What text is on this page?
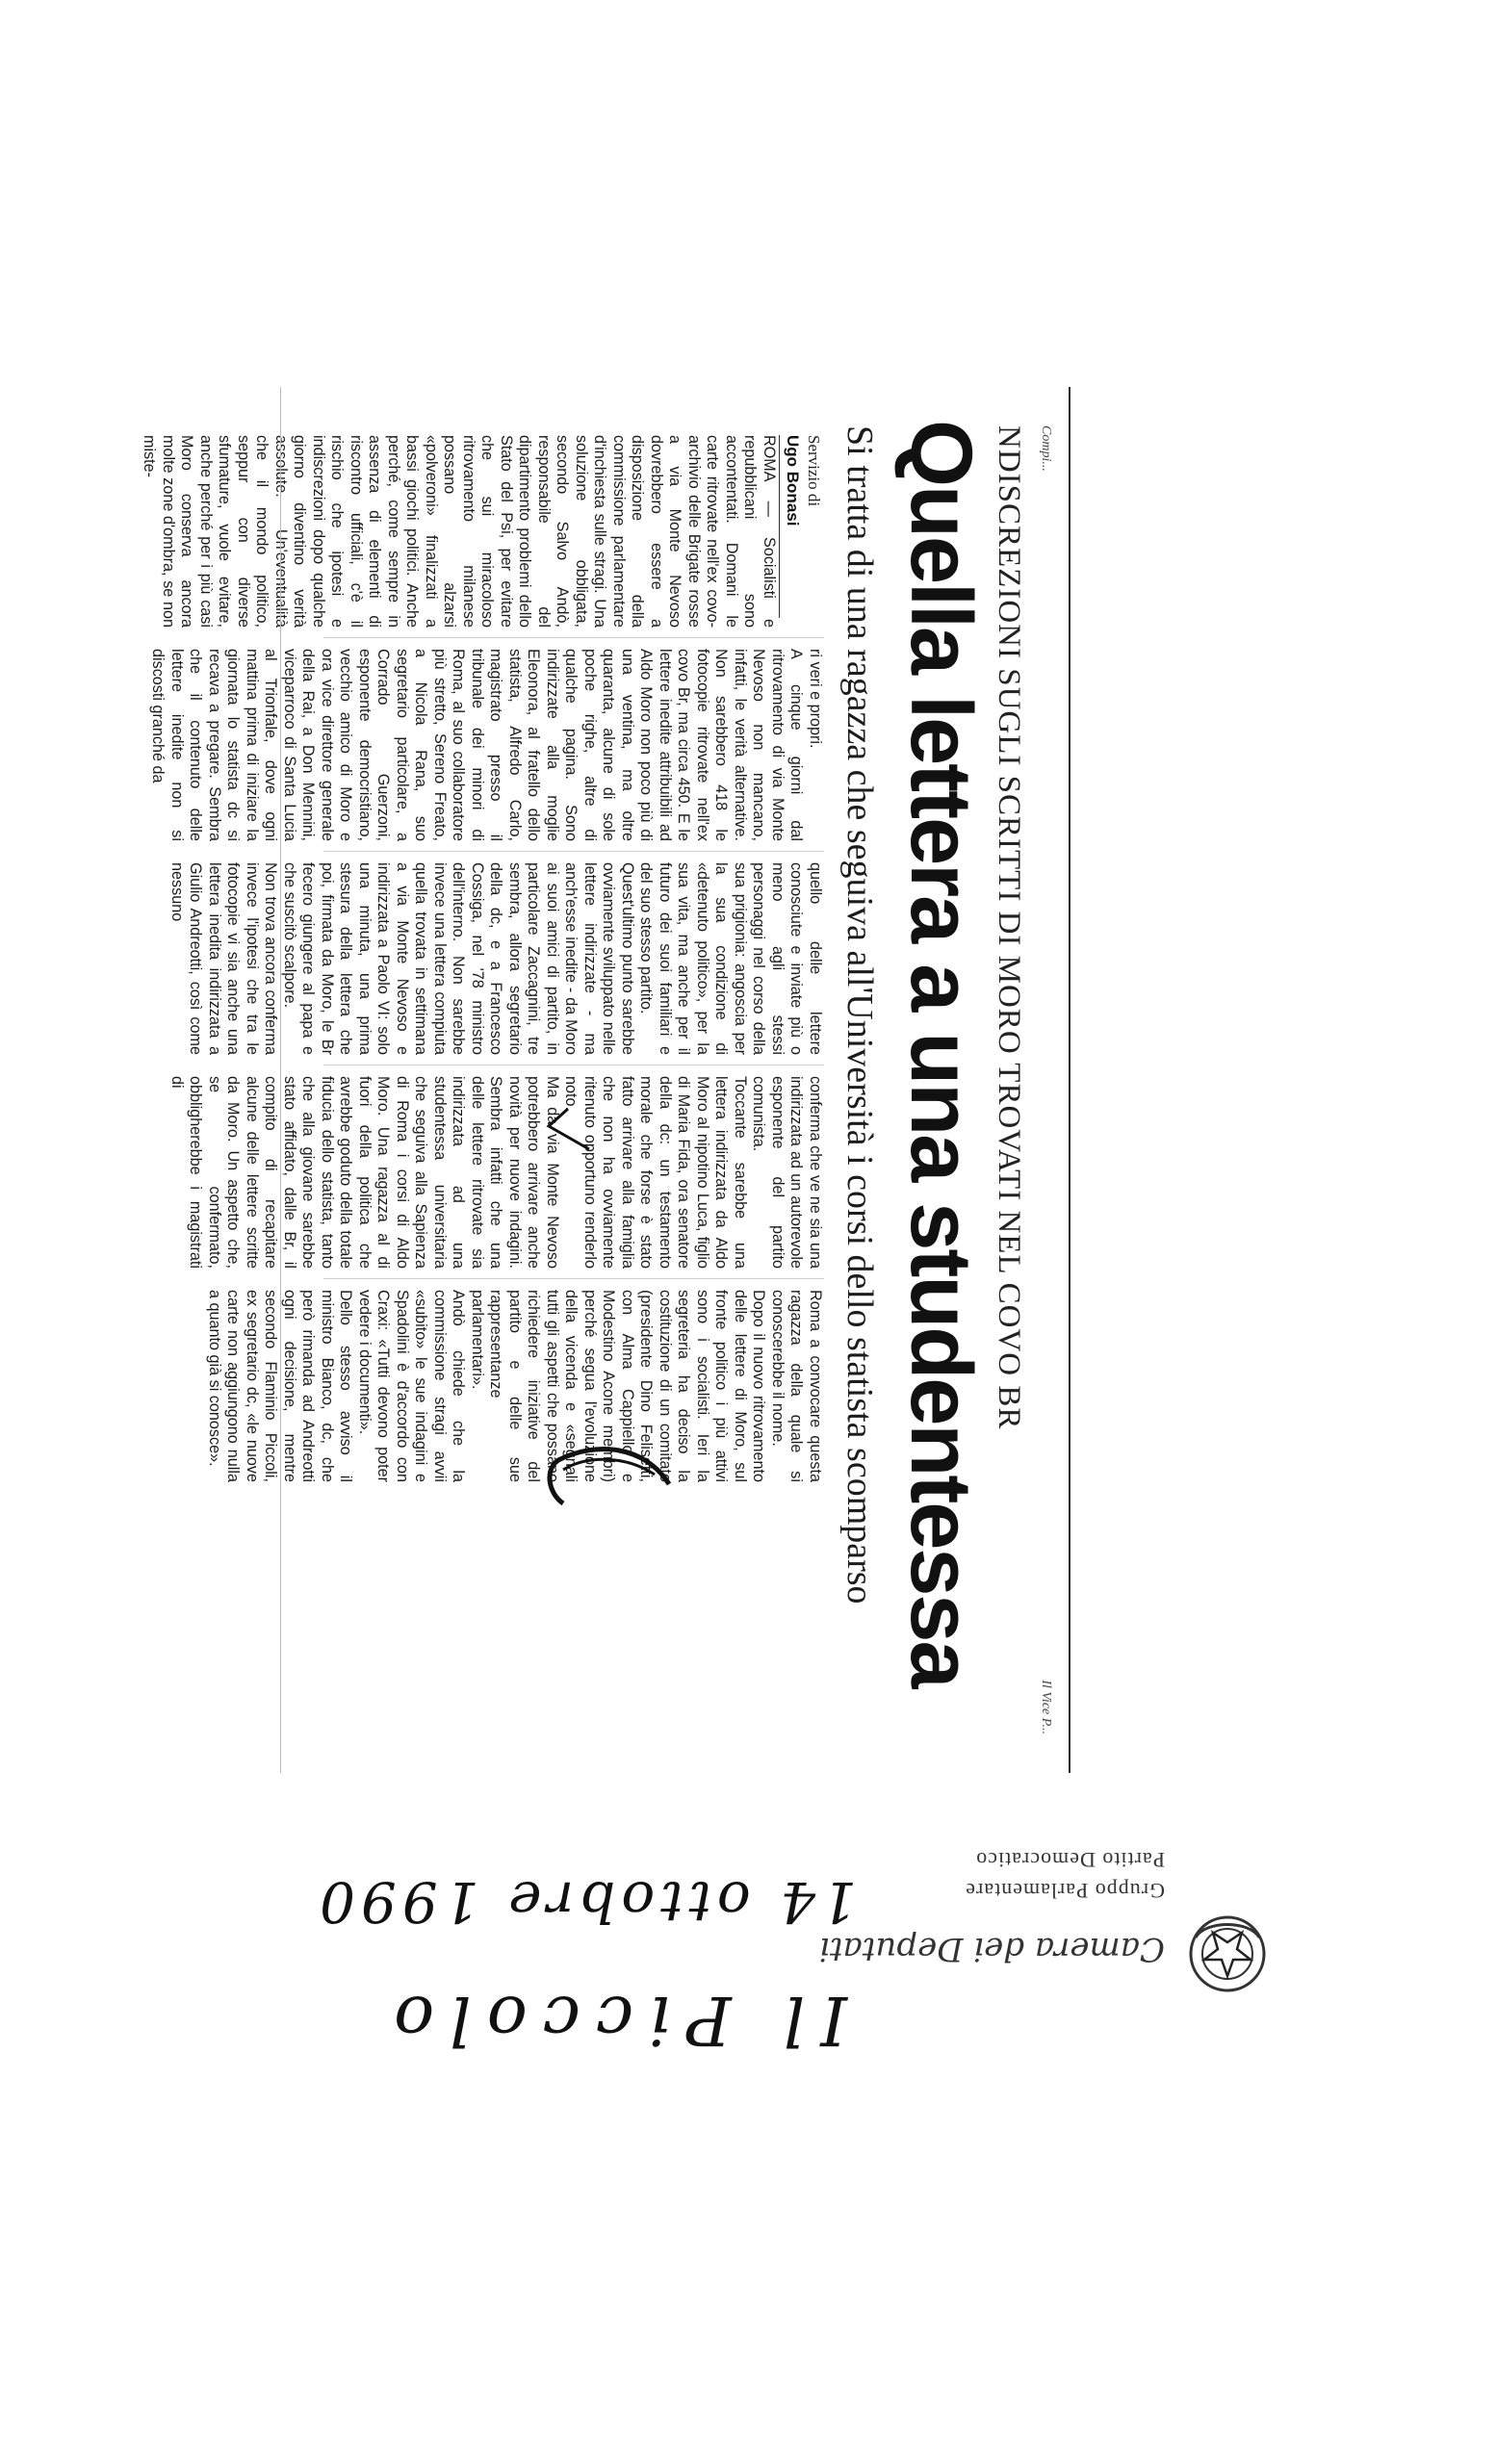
Compi...
Il Vice P...
NDISCREZIONI SUGLI SCRITTI DI MORO TROVATI NEL COVO BR
Quella lettera a una studentessa
Si tratta di una ragazza che seguiva all'Università i corsi dello statista scomparso
Servizio di
Ugo Bonasi
ROMA — Socialisti e repubblicani sono accontentati. Domani le carte ritrovate nell'ex covo-archivio delle Brigate rosse a via Monte Nevoso dovrebbero essere a disposizione della commissione parlamentare d'inchiesta sulle stragi. Una soluzione obbligata, secondo Salvo Andò, responsabile del dipartimento problemi dello Stato del Psi, per evitare che sui miracoloso ritrovamento milanese possano alzarsi «polveroni» finalizzati a bassi giochi politici. Anche perché, come sempre in assenza di elementi di riscontro ufficiali, c'è il rischio che ipotesi e indiscrezioni dopo qualche giorno diventino verità assolute. Un'eventualità che il mondo politico, seppur con diverse sfumature, vuole evitare, anche perché per i più casi Moro conserva ancora molte zone d'ombra, se non miste-
ri veri e propri.
A cinque giorni dal ritrovamento di via Monte Nevoso non mancano, infatti, le verità alternative. Non sarebbero 418 le fotocopie ritrovate nell'ex covo Br, ma circa 450. E le lettere inedite attribuibili ad Aldo Moro non poco più di una ventina, ma oltre quaranta, alcune di sole poche righe, altre di qualche pagina. Sono indirizzate alla moglie Eleonora, al fratello dello statista, Alfredo Carlo, magistrato presso il tribunale dei minori di Roma, al suo collaboratore più stretto, Sereno Freato, a Nicola Rana, suo segretario particolare, a Corrado Guerzoni, esponente democristiano, vecchio amico di Moro e ora vice direttore generale della Rai, a Don Mennini, viceparroco di Santa Lucia al Trionfale, dove ogni mattina prima di iniziare la giornata lo statista dc si recava a pregare. Sembra che il contenuto delle lettere inedite non si discosti granché da
quello delle lettere conosciute e inviate più o meno agli stessi personaggi nel corso della sua prigionia: angoscia per la sua condizione di «detenuto politico», per la sua vita, ma anche per il futuro dei suoi familiari e del suo stesso partito.
Quest'ultimo punto sarebbe ovviamente sviluppato nelle lettere indirizzate - ma anch'esse inedite - da Moro ai suoi amici di partito, in particolare Zaccagnini, tre sembra, allora segretario della dc, e a Francesco Cossiga, nel '78 ministro dell'interno. Non sarebbe invece una lettera compiuta quella trovata in settimana a via Monte Nevoso e indirizzata a Paolo VI: solo una minuta, una prima stesura della lettera che poi, firmata da Moro, le Br fecero giungere al papa e che suscitò scalpore.
Non trova ancora conferma invece l'ipotesi che tra le fotocopie vi sia anche una lettera inedita indirizzata a Giulio Andreotti, così come nessuno
conferma che ve ne sia una indirizzata ad un autorevole esponente del partito comunista.
Toccante sarebbe una lettera indirizzata da Aldo Moro al nipotino Luca, figlio di Maria Fida, ora senatore della dc: un testamento morale che forse è stato fatto arrivare alla famiglia che non ha ovviamente ritenuto opportuno renderlo noto.
Ma da via Monte Nevoso potrebbero arrivare anche novità per nuove indagini. Sembra infatti che una delle lettere ritrovate sia indirizzata ad una studentessa universitaria che seguiva alla Sapienza di Roma i corsi di Aldo Moro. Una ragazza al di fuori della politica che avrebbe goduto della totale fiducia dello statista, tanto che alla giovane sarebbe stato affidato, dalle Br, il compito di recapitare alcune delle lettere scritte da Moro. Un aspetto che, se confermato, obbligherebbe i magistrati di
Roma a convocare questa ragazza della quale si conoscerebbe il nome.
Dopo il nuovo ritrovamento delle lettere di Moro, sul fronte politico i più attivi sono i socialisti. Ieri la segreteria ha deciso la costituzione di un comitato (presidente Dino Felisetti, con Alma Cappiello e Modestino Acone membri) perché segua l'evoluzione della vicenda e «segnali tutti gli aspetti che possano richiedere iniziative del partito e delle sue rappresentanze parlamentari».
Andò chiede che la commissione stragi avvii «subito» le sue indagini e Spadolini è d'accordo con Craxi: «Tutti devono poter vedere i documenti».
Dello stesso avviso il ministro Bianco, dc, che però rimanda ad Andreotti ogni decisione, mentre secondo Flaminio Piccoli, ex segretario dc, «le nuove carte non aggiungono nulla a quanto già si conosce».
Camera dei Deputati
Gruppo Parlamentare
Partito Democratico
Il Piccolo
14 ottobre 1990
